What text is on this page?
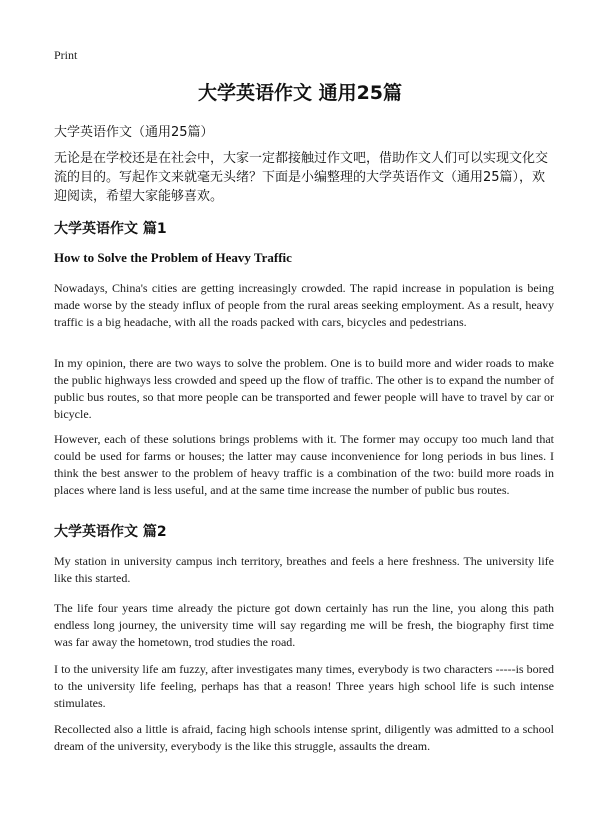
Print
大学英语作文 通用25篇
大学英语作文（通用25篇）
无论是在学校还是在社会中，大家一定都接触过作文吧，借助作文人们可以实现文化交流的目的。写起作文来就毫无头绪？下面是小编整理的大学英语作文（通用25篇），欢迎阅读，希望大家能够喜欢。
大学英语作文 篇1
How to Solve the Problem of Heavy Traffic
Nowadays, China's cities are getting increasingly crowded. The rapid increase in population is being made worse by the steady influx of people from the rural areas seeking employment. As a result, heavy traffic is a big headache, with all the roads packed with cars, bicycles and pedestrians.
In my opinion, there are two ways to solve the problem. One is to build more and wider roads to make the public highways less crowded and speed up the flow of traffic. The other is to expand the number of public bus routes, so that more people can be transported and fewer people will have to travel by car or bicycle.
However, each of these solutions brings problems with it. The former may occupy too much land that could be used for farms or houses; the latter may cause inconvenience for long periods in bus lines. I think the best answer to the problem of heavy traffic is a combination of the two: build more roads in places where land is less useful, and at the same time increase the number of public bus routes.
大学英语作文 篇2
My station in university campus inch territory, breathes and feels a here freshness. The university life like this started.
The life four years time already the picture got down certainly has run the line, you along this path endless long journey, the university time will say regarding me will be fresh, the biography first time was far away the hometown, trod studies the road.
I to the university life am fuzzy, after investigates many times, everybody is two characters -----is bored to the university life feeling, perhaps has that a reason! Three years high school life is such intense stimulates.
Recollected also a little is afraid, facing high schools intense sprint, diligently was admitted to a school dream of the university, everybody is the like this struggle, assaults the dream.
